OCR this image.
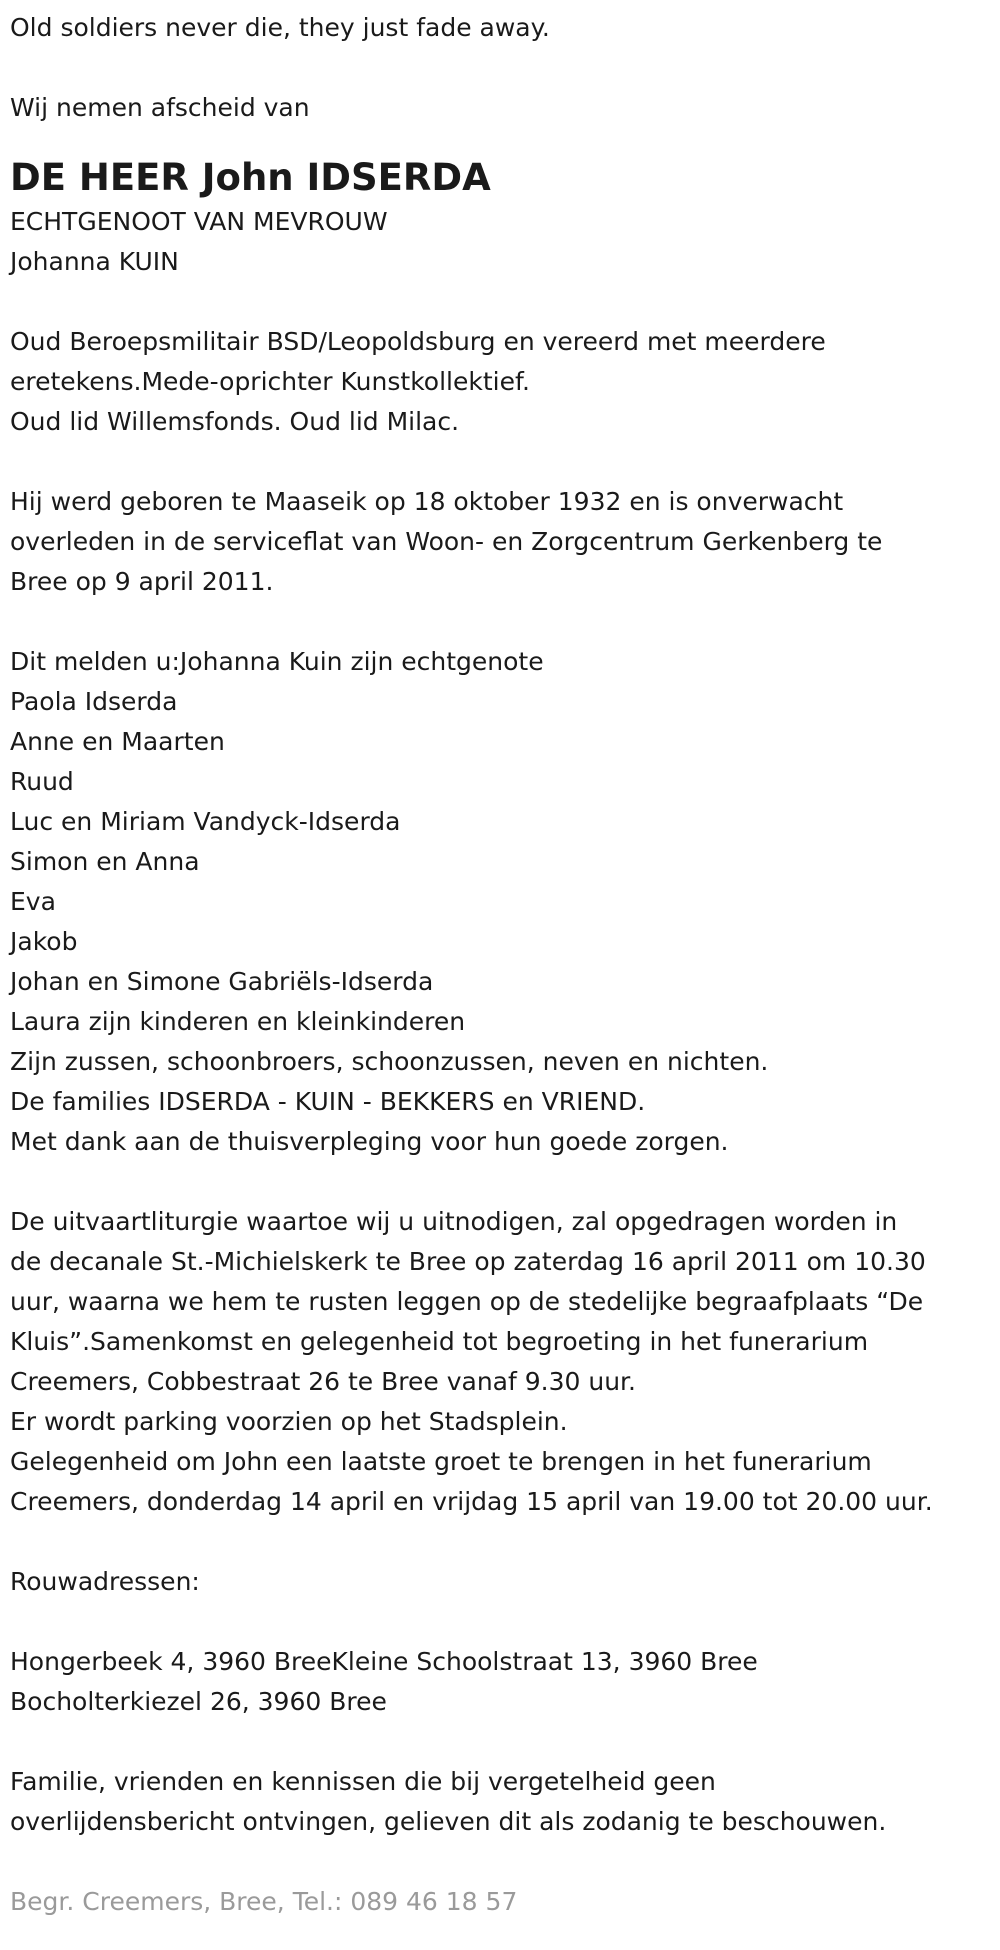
Old soldiers never die, they just fade away.
Wij nemen afscheid van
DE HEER John IDSERDA
ECHTGENOOT VAN MEVROUW
Johanna KUIN
Oud Beroepsmilitair BSD/Leopoldsburg en vereerd met meerdere
eretekens.Mede-oprichter Kunstkollektief.
Oud lid Willemsfonds. Oud lid Milac.
Hij werd geboren te Maaseik op 18 oktober 1932 en is onverwacht
overleden in de serviceflat van Woon- en Zorgcentrum Gerkenberg te
Bree op 9 april 2011.
Dit melden u:Johanna Kuin zijn echtgenote
Paola Idserda
Anne en Maarten
Ruud
Luc en Miriam Vandyck-Idserda
Simon en Anna
Eva
Jakob
Johan en Simone Gabriëls-Idserda
Laura zijn kinderen en kleinkinderen
Zijn zussen, schoonbroers, schoonzussen, neven en nichten.
De families IDSERDA - KUIN - BEKKERS en VRIEND.
Met dank aan de thuisverpleging voor hun goede zorgen.
De uitvaartliturgie waartoe wij u uitnodigen, zal opgedragen worden in
de decanale St.-Michielskerk te Bree op zaterdag 16 april 2011 om 10.30
uur, waarna we hem te rusten leggen op de stedelijke begraafplaats “De
Kluis”.Samenkomst en gelegenheid tot begroeting in het funerarium
Creemers, Cobbestraat 26 te Bree vanaf 9.30 uur.
Er wordt parking voorzien op het Stadsplein.
Gelegenheid om John een laatste groet te brengen in het funerarium
Creemers, donderdag 14 april en vrijdag 15 april van 19.00 tot 20.00 uur.
Rouwadressen:
Hongerbeek 4, 3960 BreeKleine Schoolstraat 13, 3960 Bree
Bocholterkiezel 26, 3960 Bree
Familie, vrienden en kennissen die bij vergetelheid geen
overlijdensbericht ontvingen, gelieven dit als zodanig te beschouwen.
Begr. Creemers, Bree, Tel.: 089 46 18 57
